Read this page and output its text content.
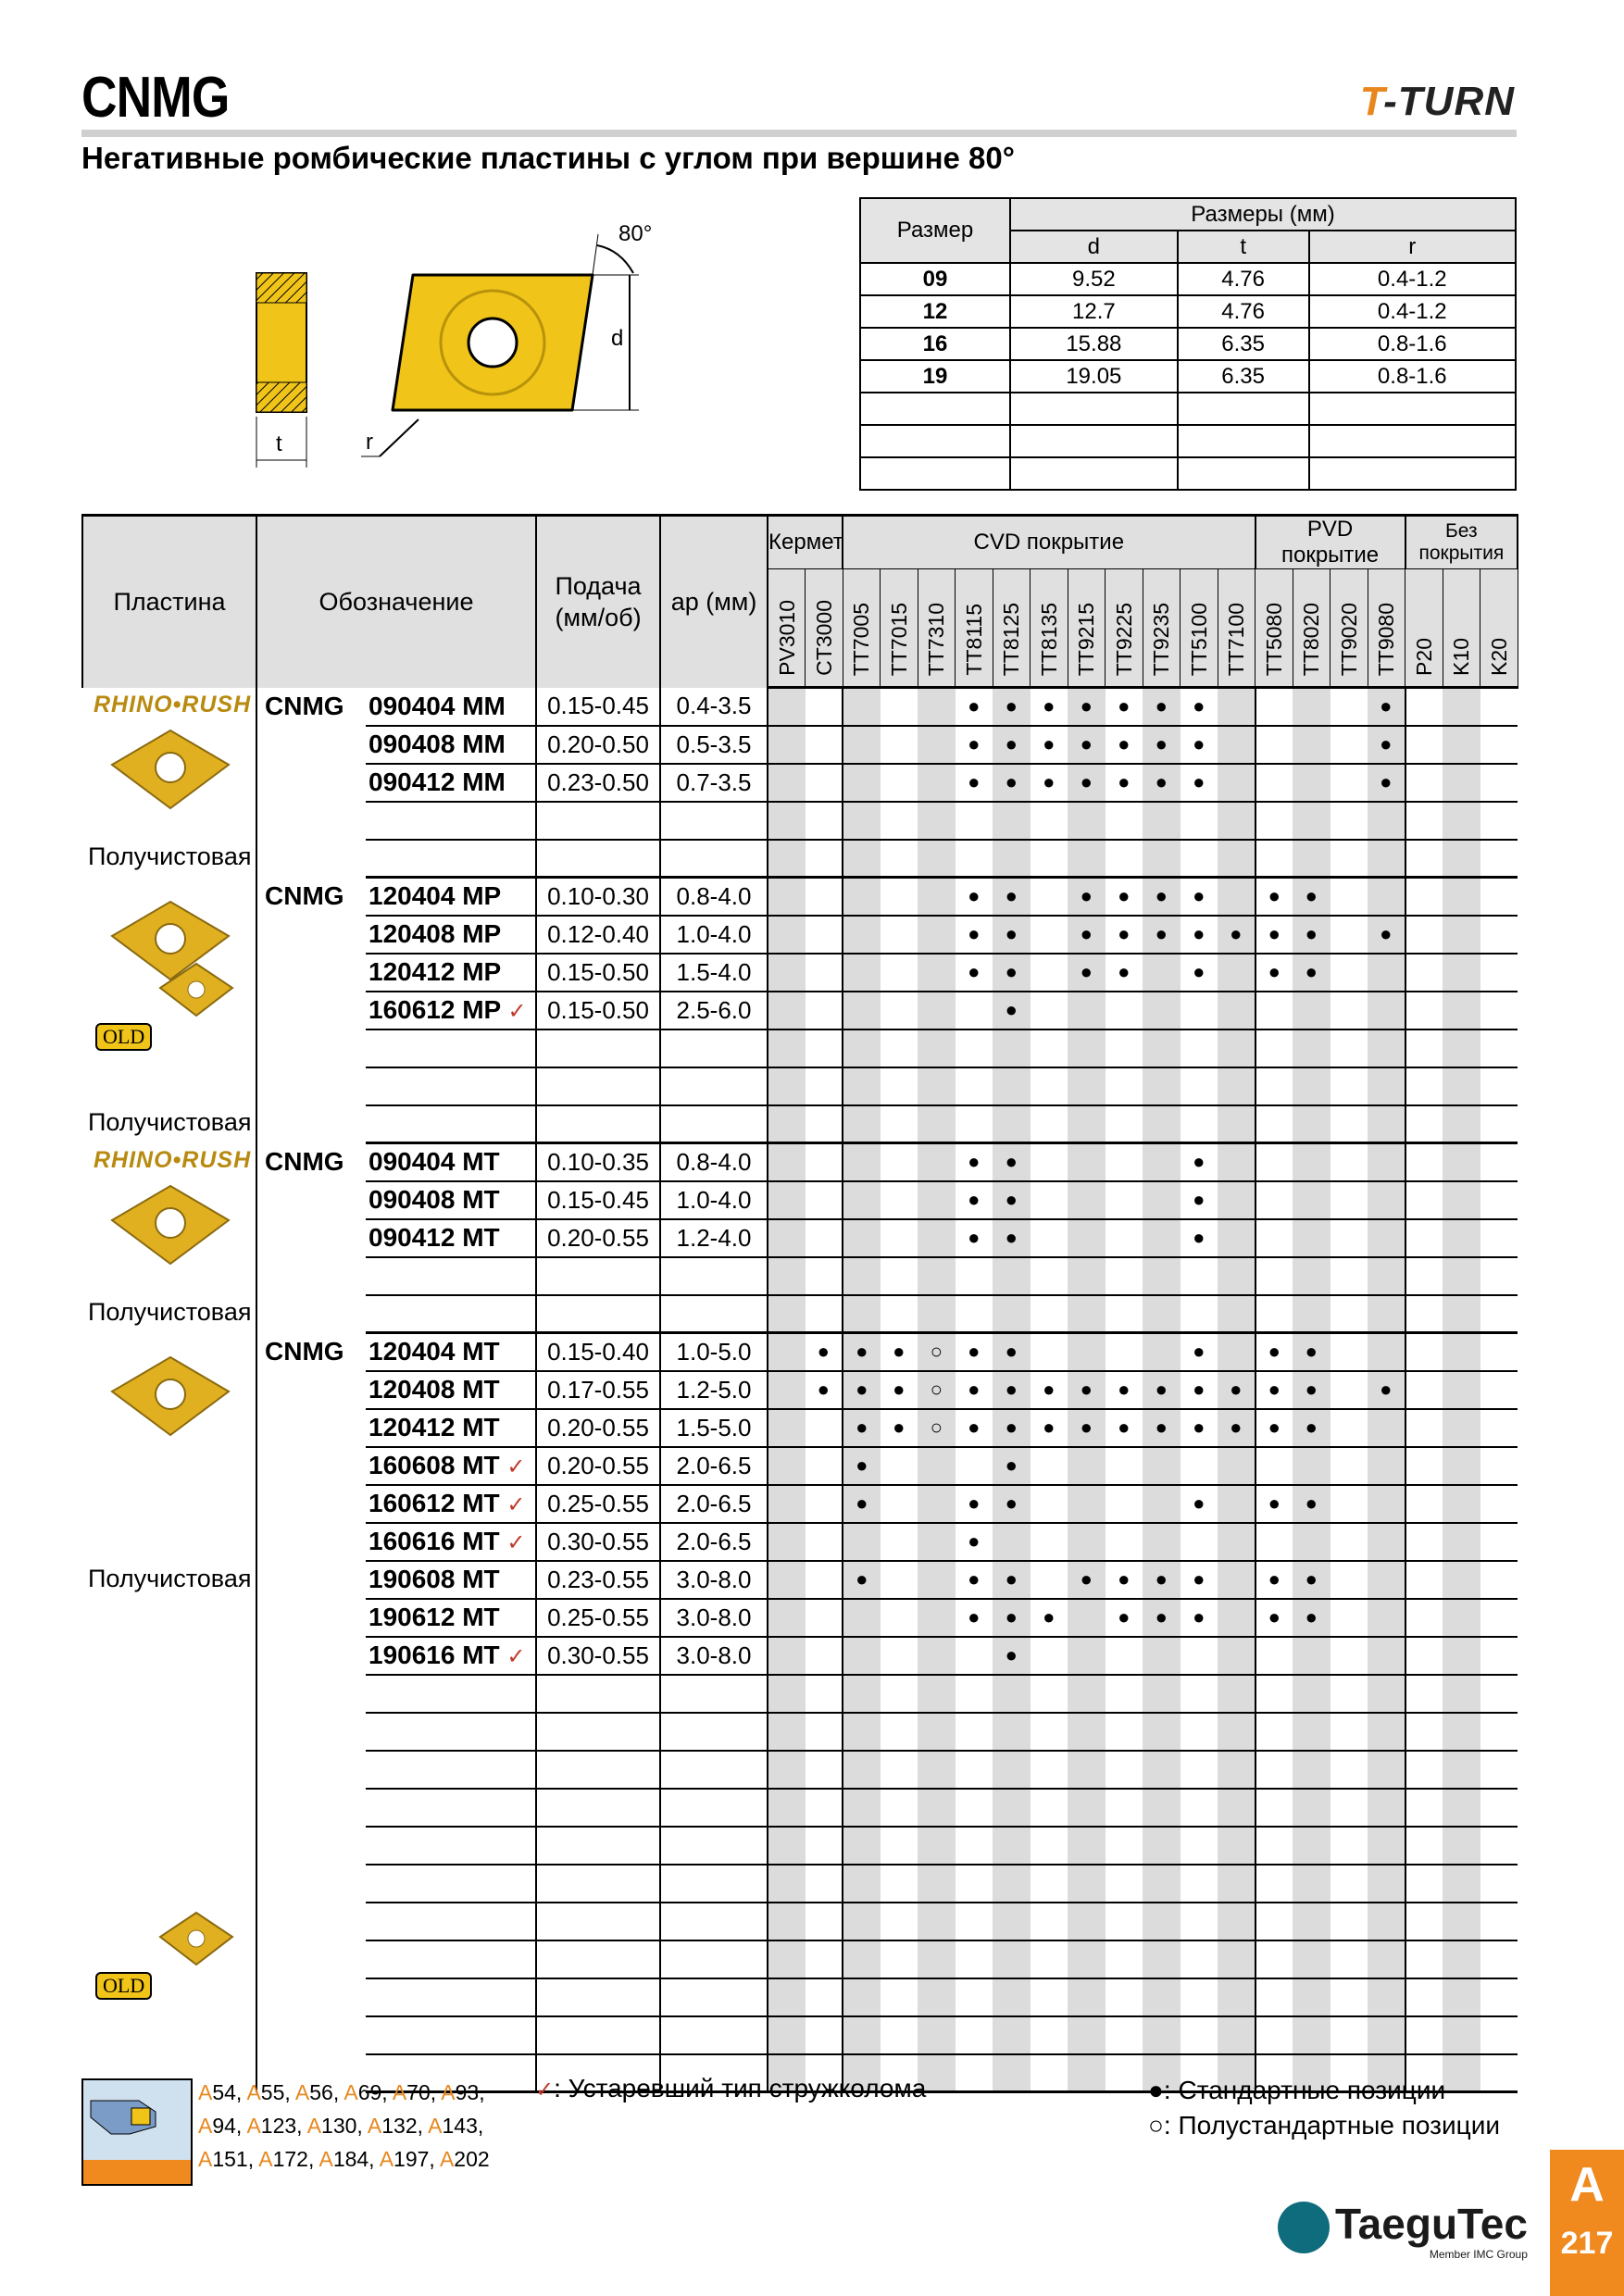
CNMG	T-TURN
Негативные ромбические пластины с углом при вершине 80°
80°
d
t	r
Размер	Размеры (мм)		
	d	t	r
09	9.52	4.76	0.4-1.2
12	12.7	4.76	0.4-1.2
16	15.88	6.35	0.8-1.6
19	19.05	6.35	0.8-1.6

Пластина	Обозначение		Подача (мм/об)	ap (мм)	Кермет		CVD покрытие											PVD покрытие				Без покрытия		
					PV3010	CT3000	TT7005	TT7015	TT7310	TT8115	TT8125	TT8135	TT9215	TT9225	TT9235	TT5100	TT7100	TT5080	TT8020	TT9020	TT9080	P20	K10	K20

RHINO•RUSH
Получистовая	CNMG	090404 MM	0.15-0.45	0.4-3.5						●	●	●	●	●	●	●					●			
		090408 MM	0.20-0.50	0.5-3.5						●	●	●	●	●	●	●					●			
		090412 MM	0.23-0.50	0.7-3.5						●	●	●	●	●	●	●					●			

OLD
Получистовая	CNMG	120404 MP	0.10-0.30	0.8-4.0						●	●		●	●	●	●		●	●					
		120408 MP	0.12-0.40	1.0-4.0						●	●		●	●	●	●	●	●	●		●			
		120412 MP	0.15-0.50	1.5-4.0						●	●		●	●		●		●	●					
		160612 MP ✓	0.15-0.50	2.5-6.0							●													

RHINO•RUSH
Получистовая	CNMG	090404 MT	0.10-0.35	0.8-4.0						●	●					●								
		090408 MT	0.15-0.45	1.0-4.0						●	●					●								
		090412 MT	0.20-0.55	1.2-4.0						●	●					●								

OLD
Получистовая	CNMG	120404 MT	0.15-0.40	1.0-5.0		●	●	●	○	●	●					●		●	●					
		120408 MT	0.17-0.55	1.2-5.0		●	●	●	○	●	●	●	●	●	●	●	●	●	●		●			
		120412 MT	0.20-0.55	1.5-5.0			●	●	○	●	●	●	●	●	●	●	●	●	●					
		160608 MT ✓	0.20-0.55	2.0-6.5			●				●													
		160612 MT ✓	0.25-0.55	2.0-6.5			●			●	●					●		●	●					
		160616 MT ✓	0.30-0.55	2.0-6.5						●														
		190608 MT	0.23-0.55	3.0-8.0			●			●	●		●	●	●	●		●	●					
		190612 MT	0.25-0.55	3.0-8.0						●	●	●		●	●	●		●	●					
		190616 MT ✓	0.30-0.55	3.0-8.0							●													

A54, A55, A56, A69, A70, A93, A94, A123, A130, A132, A143, A151, A172, A184, A197, A202
✓: Устаревший тип стружколома	●: Стандартные позиции
○: Полустандартные позиции
TaeguTec
Member IMC Group
A
217
